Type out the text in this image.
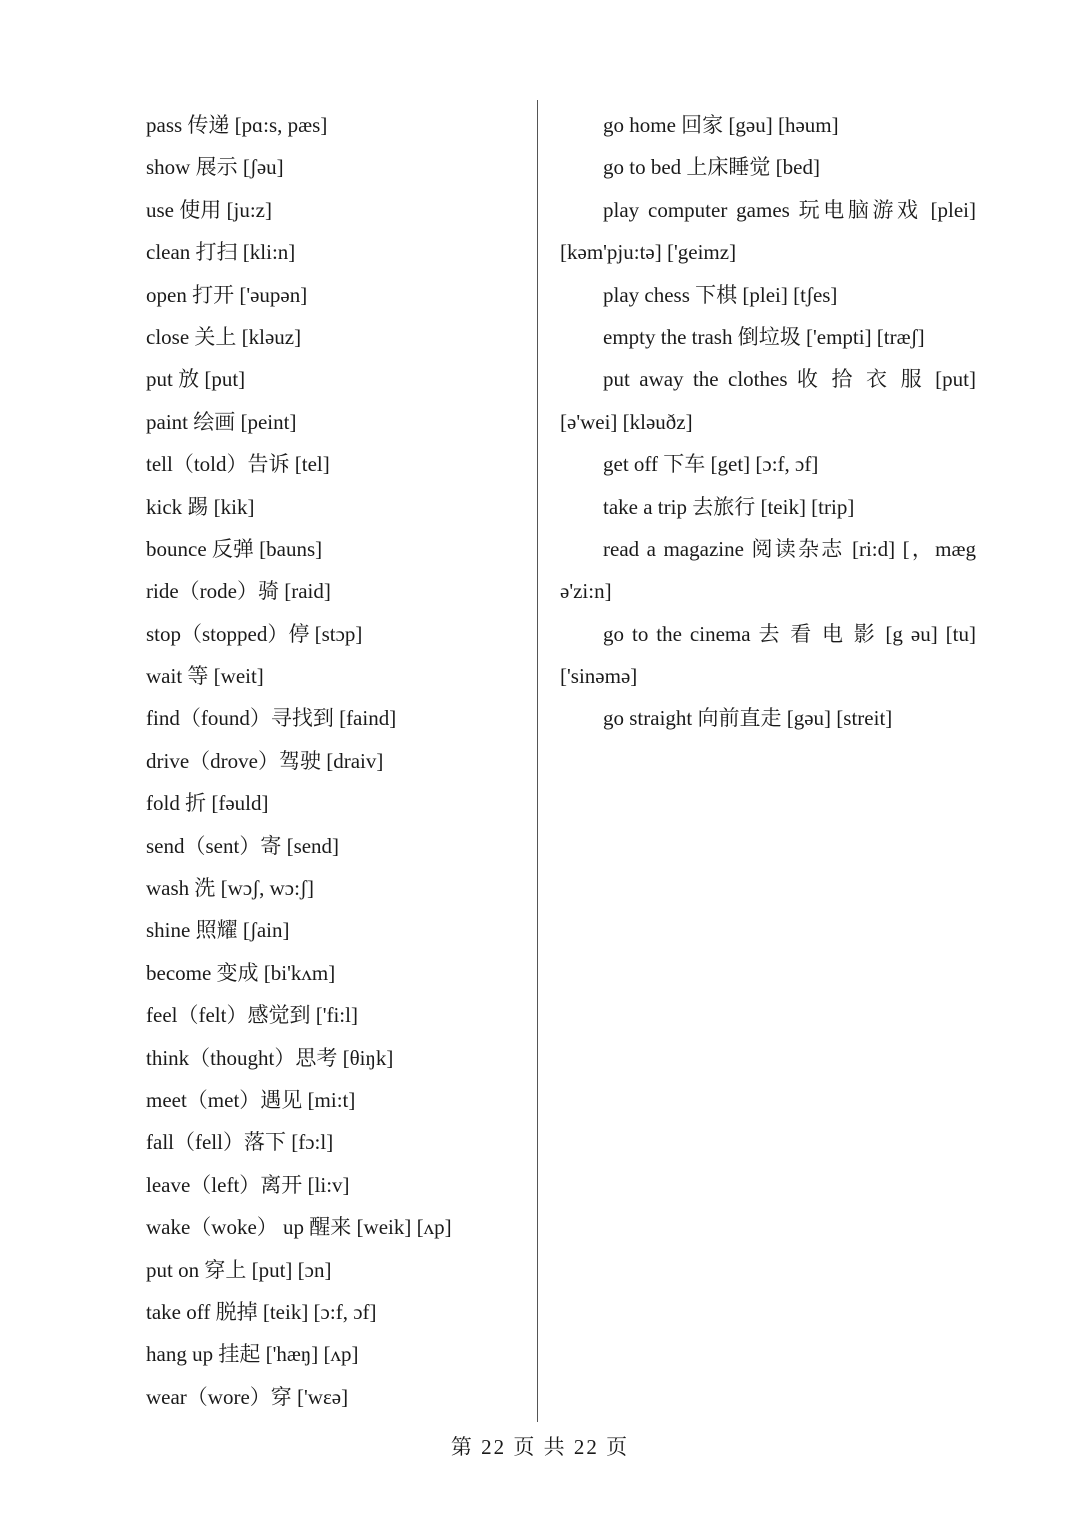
pass 传递 [pɑ:s, pæs]
show 展示 [ʃəu]
use 使用 [ju:z]
clean 打扫 [kli:n]
open 打开 ['əupən]
close 关上 [kləuz]
put 放 [put]
paint 绘画 [peint]
tell（told）告诉 [tel]
kick 踢 [kik]
bounce 反弹 [bauns]
ride（rode）骑 [raid]
stop（stopped）停 [stɔp]
wait 等 [weit]
find（found）寻找到 [faind]
drive（drove）驾驶 [draiv]
fold 折 [fəuld]
send（sent）寄 [send]
wash 洗 [wɔʃ, wɔ:ʃ]
shine 照耀 [ʃain]
become 变成 [bi'kʌm]
feel（felt）感觉到 ['fi:l]
think（thought）思考 [θiŋk]
meet（met）遇见 [mi:t]
fall（fell）落下 [fɔ:l]
leave（left）离开 [li:v]
wake（woke） up 醒来 [weik] [ʌp]
put on 穿上 [put] [ɔn]
take off 脱掉 [teik] [ɔ:f, ɔf]
hang up 挂起 ['hæŋ] [ʌp]
wear（wore）穿 ['wɛə]
go home 回家 [gəu] [həum]
go to bed 上床睡觉 [bed]
play computer games 玩电脑游戏 [plei]
[kəm'pju:tə] ['geimz]
play chess 下棋 [plei] [tʃes]
empty the trash 倒垃圾 ['empti] [træʃ]
put away the clothes 收 拾 衣 服 [put]
[ə'wei] [kləuðz]
get off 下车 [get] [ɔ:f, ɔf]
take a trip 去旅行 [teik] [trip]
read a magazine 阅读杂志 [ri:d] [，mæg
ə'zi:n]
go to the cinema 去 看 电 影 [g əu] [tu]
['sinəmə]
go straight 向前直走 [gəu] [streit]
第 22 页 共 22 页
